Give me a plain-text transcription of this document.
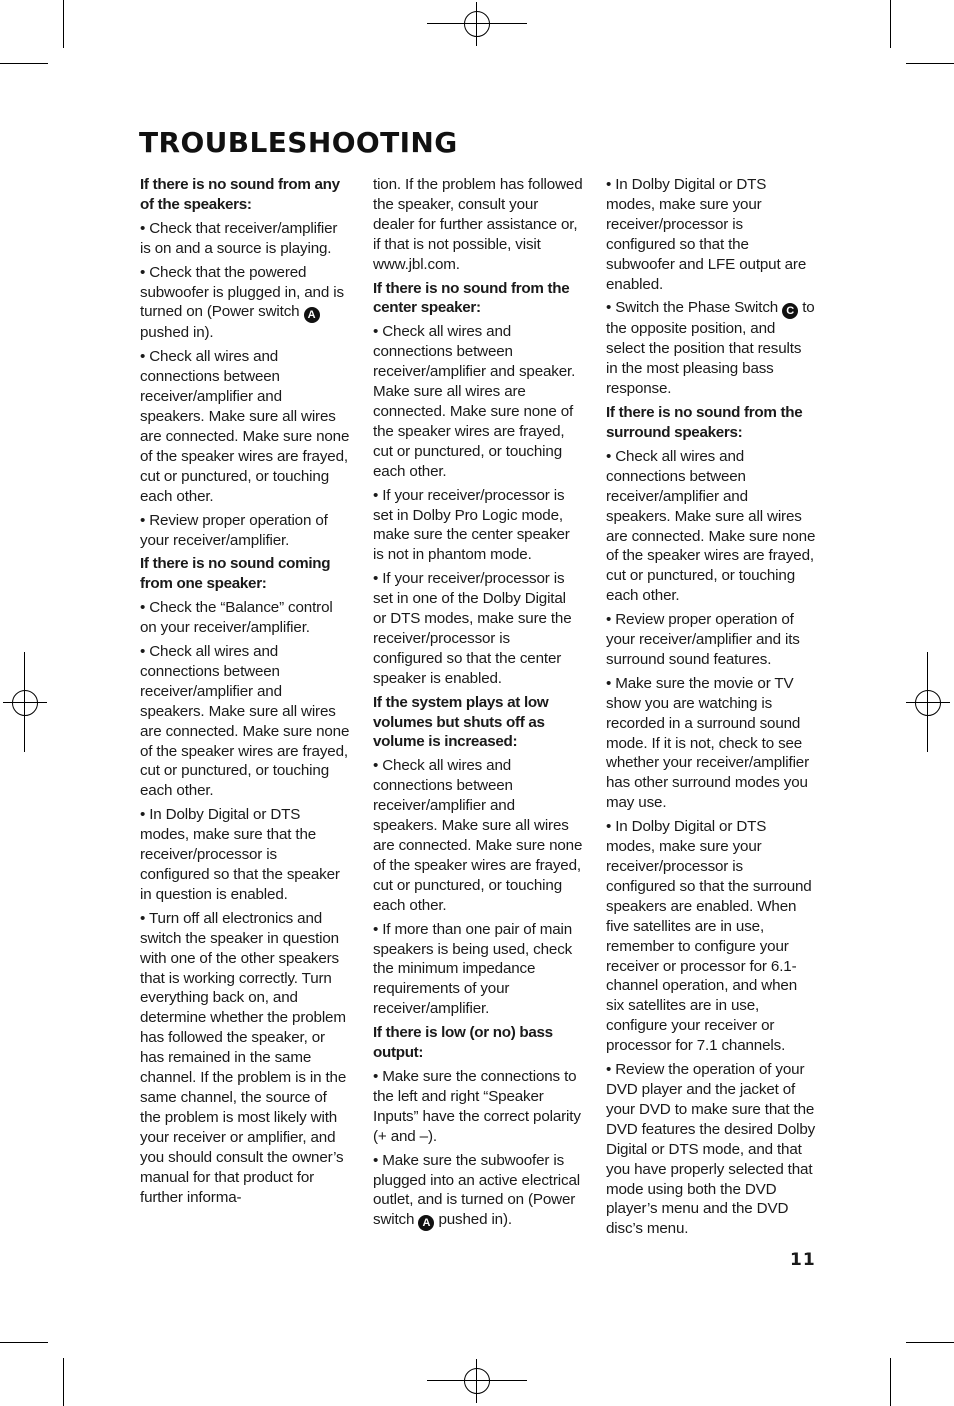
TROUBLESHOOTING

If there is no sound from any of the speakers:

• Check that receiver/amplifier is on and a source is playing.

• Check that the powered subwoofer is plugged in, and is turned on (Power switch A pushed in).

• Check all wires and connections between receiver/amplifier and speakers. Make sure all wires are connected. Make sure none of the speaker wires are frayed, cut or punctured, or touching each other.

• Review proper operation of your receiver/amplifier.

If there is no sound coming from one speaker:

• Check the “Balance” control on your receiver/amplifier.

• Check all wires and connections between receiver/amplifier and speakers. Make sure all wires are connected. Make sure none of the speaker wires are frayed, cut or punctured, or touching each other.

• In Dolby Digital or DTS modes, make sure that the receiver/processor is configured so that the speaker in question is enabled.

• Turn off all electronics and switch the speaker in question with one of the other speakers that is working correctly. Turn everything back on, and determine whether the problem has followed the speaker, or has remained in the same channel. If the problem is in the same channel, the source of the problem is most likely with your receiver or amplifier, and you should consult the owner’s manual for that product for further informa-

tion. If the problem has followed the speaker, consult your dealer for further assistance or, if that is not possible, visit www.jbl.com.

If there is no sound from the center speaker:

• Check all wires and connections between receiver/amplifier and speaker. Make sure all wires are connected. Make sure none of the speaker wires are frayed, cut or punctured, or touching each other.

• If your receiver/processor is set in Dolby Pro Logic mode, make sure the center speaker is not in phantom mode.

• If your receiver/processor is set in one of the Dolby Digital or DTS modes, make sure the receiver/processor is configured so that the center speaker is enabled.

If the system plays at low volumes but shuts off as volume is increased:

• Check all wires and connections between receiver/amplifier and speakers. Make sure all wires are connected. Make sure none of the speaker wires are frayed, cut or punctured, or touching each other.

• If more than one pair of main speakers is being used, check the minimum impedance requirements of your receiver/amplifier.

If there is low (or no) bass output:

• Make sure the connections to the left and right “Speaker Inputs” have the correct polarity (+ and –).

• Make sure the subwoofer is plugged into an active electrical outlet, and is turned on (Power switch A pushed in).

• In Dolby Digital or DTS modes, make sure your receiver/processor is configured so that the subwoofer and LFE output are enabled.

• Switch the Phase Switch C to the opposite position, and select the position that results in the most pleasing bass response.

If there is no sound from the surround speakers:

• Check all wires and connections between receiver/amplifier and speakers. Make sure all wires are connected. Make sure none of the speaker wires are frayed, cut or punctured, or touching each other.

• Review proper operation of your receiver/amplifier and its surround sound features.

• Make sure the movie or TV show you are watching is recorded in a surround sound mode. If it is not, check to see whether your receiver/amplifier has other surround modes you may use.

• In Dolby Digital or DTS modes, make sure your receiver/processor is configured so that the surround speakers are enabled. When five satellites are in use, remember to configure your receiver or processor for 6.1-channel operation, and when six satellites are in use, configure your receiver or processor for 7.1 channels.

• Review the operation of your DVD player and the jacket of your DVD to make sure that the DVD features the desired Dolby Digital or DTS mode, and that you have properly selected that mode using both the DVD player’s menu and the DVD disc’s menu.

11
